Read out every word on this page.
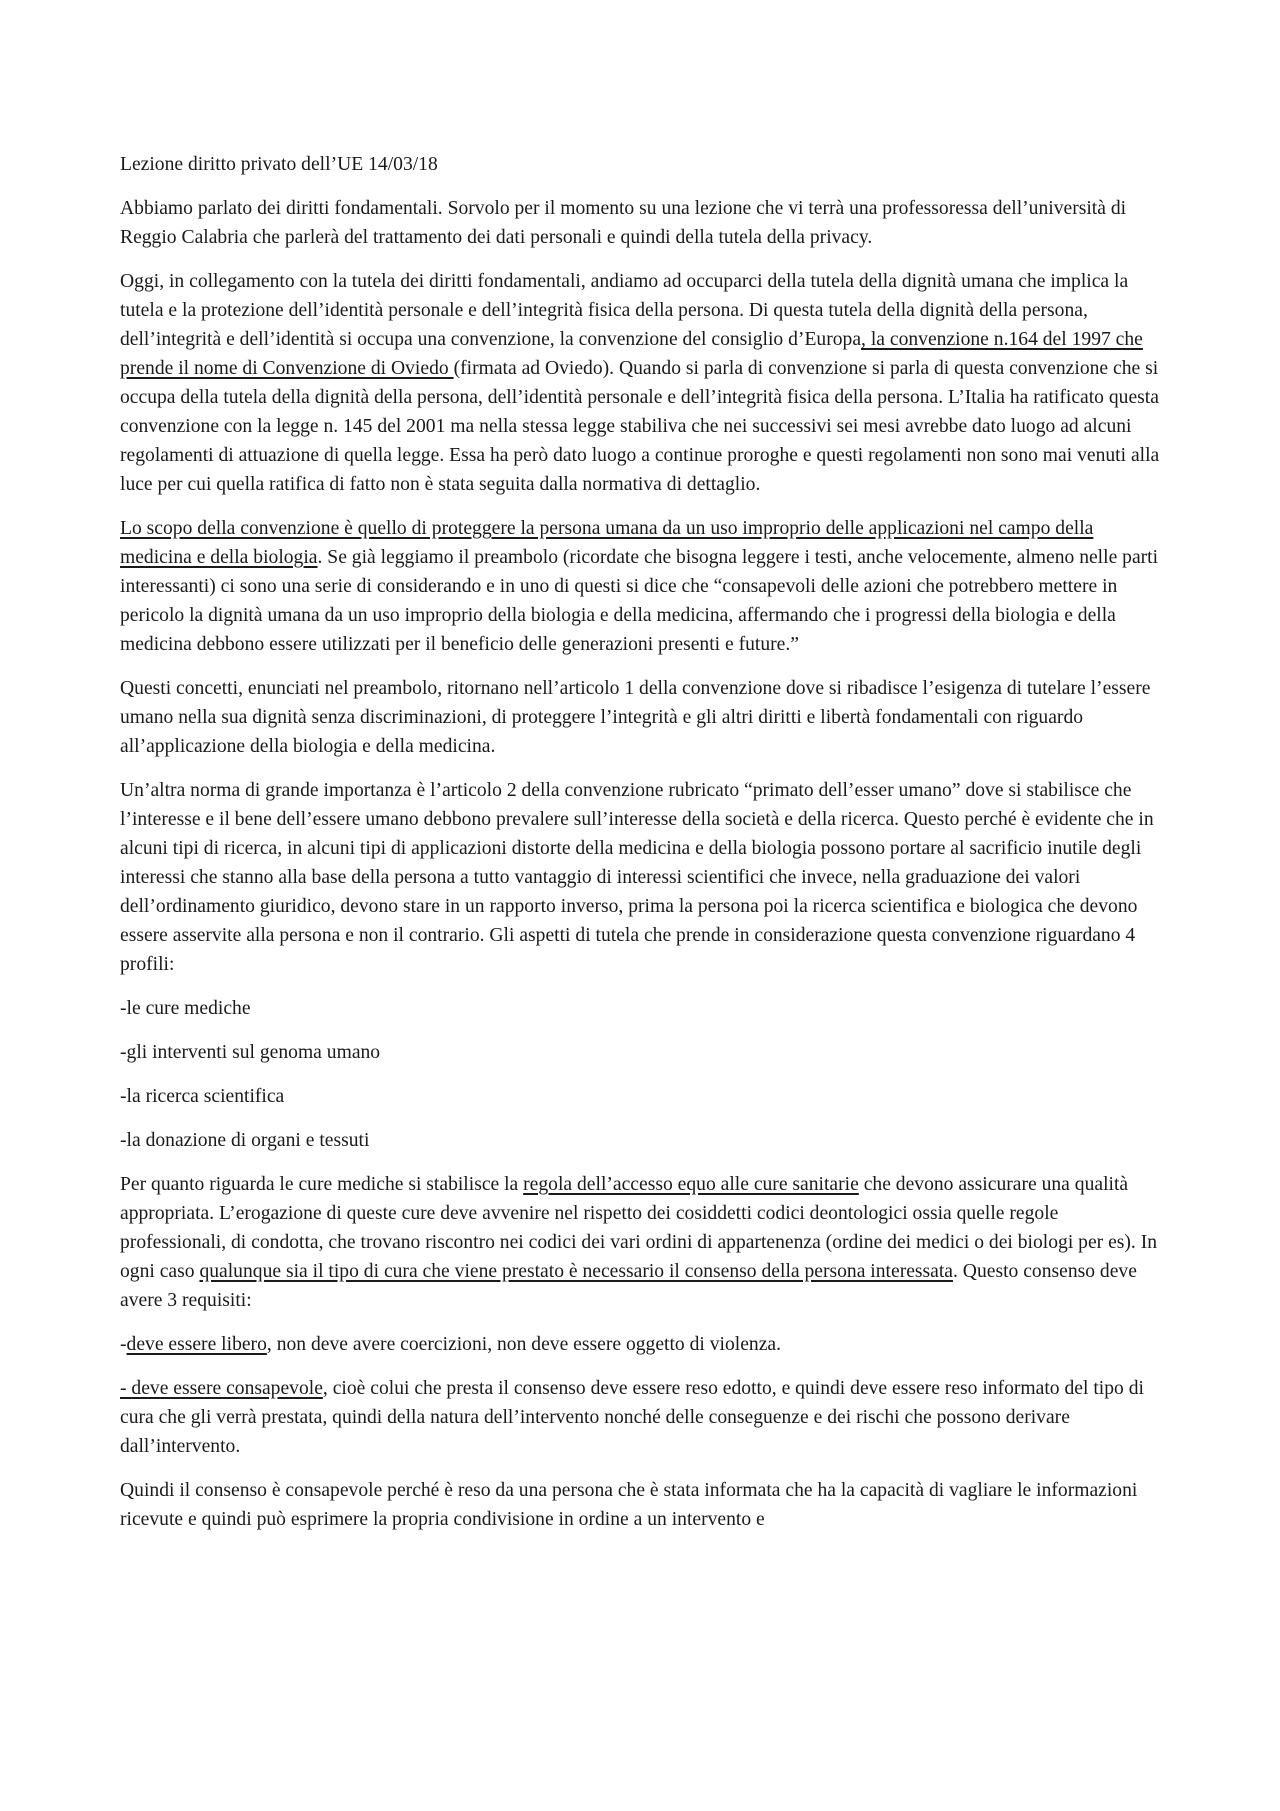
Lezione diritto privato dell’UE 14/03/18

Abbiamo parlato dei diritti fondamentali. Sorvolo per il momento su una lezione che vi terrà una professoressa dell’università di Reggio Calabria che parlerà del trattamento dei dati personali e quindi della tutela della privacy.

Oggi, in collegamento con la tutela dei diritti fondamentali, andiamo ad occuparci della tutela della dignità umana che implica la tutela e la protezione dell’identità personale e dell’integrità fisica della persona. Di questa tutela della dignità della persona, dell’integrità e dell’identità si occupa una convenzione, la convenzione del consiglio d’Europa, la convenzione n.164 del 1997 che prende il nome di Convenzione di Oviedo (firmata ad Oviedo). Quando si parla di convenzione si parla di questa convenzione che si occupa della tutela della dignità della persona, dell’identità personale e dell’integrità fisica della persona. L’Italia ha ratificato questa convenzione con la legge n. 145 del 2001 ma nella stessa legge stabiliva che nei successivi sei mesi avrebbe dato luogo ad alcuni regolamenti di attuazione di quella legge. Essa ha però dato luogo a continue proroghe e questi regolamenti non sono mai venuti alla luce per cui quella ratifica di fatto non è stata seguita dalla normativa di dettaglio.

Lo scopo della convenzione è quello di proteggere la persona umana da un uso improprio delle applicazioni nel campo della medicina e della biologia. Se già leggiamo il preambolo (ricordate che bisogna leggere i testi, anche velocemente, almeno nelle parti interessanti) ci sono una serie di considerando e in uno di questi si dice che “consapevoli delle azioni che potrebbero mettere in pericolo la dignità umana da un uso improprio della biologia e della medicina, affermando che i progressi della biologia e della medicina debbono essere utilizzati per il beneficio delle generazioni presenti e future.”

Questi concetti, enunciati nel preambolo, ritornano nell’articolo 1 della convenzione dove si ribadisce l’esigenza di tutelare l’essere umano nella sua dignità senza discriminazioni, di proteggere l’integrità e gli altri diritti e libertà fondamentali con riguardo all’applicazione della biologia e della medicina.

Un’altra norma di grande importanza è l’articolo 2 della convenzione rubricato “primato dell’esser umano” dove si stabilisce che l’interesse e il bene dell’essere umano debbono prevalere sull’interesse della società e della ricerca. Questo perché è evidente che in alcuni tipi di ricerca, in alcuni tipi di applicazioni distorte della medicina e della biologia possono portare al sacrificio inutile degli interessi che stanno alla base della persona a tutto vantaggio di interessi scientifici che invece, nella graduazione dei valori dell’ordinamento giuridico, devono stare in un rapporto inverso, prima la persona poi la ricerca scientifica e biologica che devono essere asservite alla persona e non il contrario. Gli aspetti di tutela che prende in considerazione questa convenzione riguardano 4 profili:

-le cure mediche

-gli interventi sul genoma umano

-la ricerca scientifica

-la donazione di organi e tessuti

Per quanto riguarda le cure mediche si stabilisce la regola dell’accesso equo alle cure sanitarie che devono assicurare una qualità appropriata. L’erogazione di queste cure deve avvenire nel rispetto dei cosiddetti codici deontologici ossia quelle regole professionali, di condotta, che trovano riscontro nei codici dei vari ordini di appartenenza (ordine dei medici o dei biologi per es). In ogni caso qualunque sia il tipo di cura che viene prestato è necessario il consenso della persona interessata. Questo consenso deve avere 3 requisiti:

-deve essere libero, non deve avere coercizioni, non deve essere oggetto di violenza.

- deve essere consapevole, cioè colui che presta il consenso deve essere reso edotto, e quindi deve essere reso informato del tipo di cura che gli verrà prestata, quindi della natura dell’intervento nonché delle conseguenze e dei rischi che possono derivare dall’intervento.

Quindi il consenso è consapevole perché è reso da una persona che è stata informata che ha la capacità di vagliare le informazioni ricevute e quindi può esprimere la propria condivisione in ordine a un intervento e
